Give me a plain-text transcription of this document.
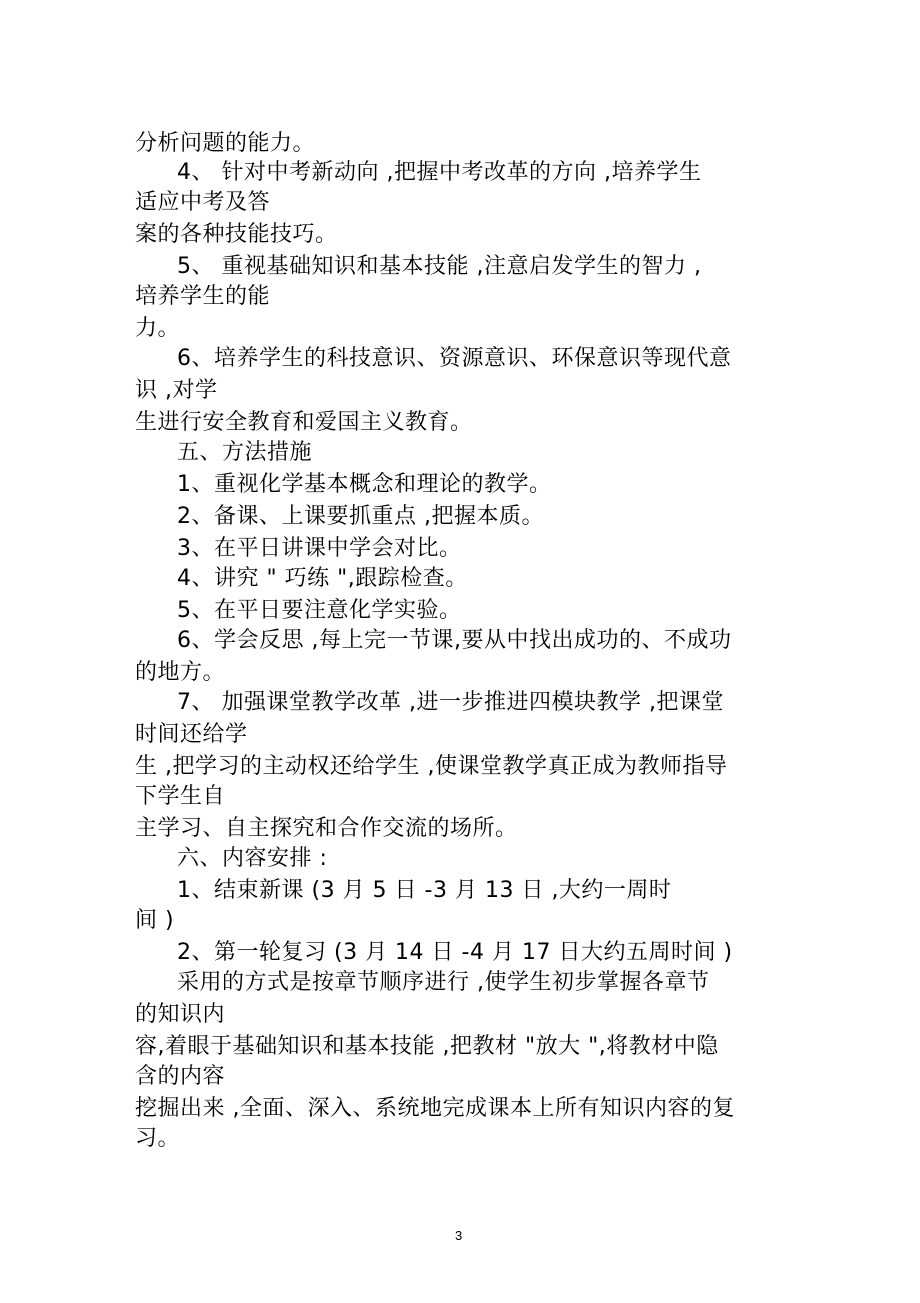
分析问题的能力。
4、 针对中考新动向 ,把握中考改革的方向 ,培养学生
适应中考及答
案的各种技能技巧。
5、 重视基础知识和基本技能 ,注意启发学生的智力 ,
培养学生的能
力。
6、培养学生的科技意识、资源意识、环保意识等现代意
识 ,对学
生进行安全教育和爱国主义教育。
五、方法措施
1、重视化学基本概念和理论的教学。
2、备课、上课要抓重点 ,把握本质。
3、在平日讲课中学会对比。
4、讲究 " 巧练 ",跟踪检查。
5、在平日要注意化学实验。
6、学会反思 ,每上完一节课,要从中找出成功的、不成功
的地方。
7、 加强课堂教学改革 ,进一步推进四模块教学 ,把课堂
时间还给学
生 ,把学习的主动权还给学生 ,使课堂教学真正成为教师指导
下学生自
主学习、自主探究和合作交流的场所。
六、内容安排 :
1、结束新课 (3 月 5 日 -3 月 13 日 ,大约一周时
间 )
2、第一轮复习 (3 月 14 日 -4 月 17 日大约五周时间 )
采用的方式是按章节顺序进行 ,使学生初步掌握各章节
的知识内
容,着眼于基础知识和基本技能 ,把教材 "放大 ",将教材中隐
含的内容
挖掘出来 ,全面、深入、系统地完成课本上所有知识内容的复
习。
3
